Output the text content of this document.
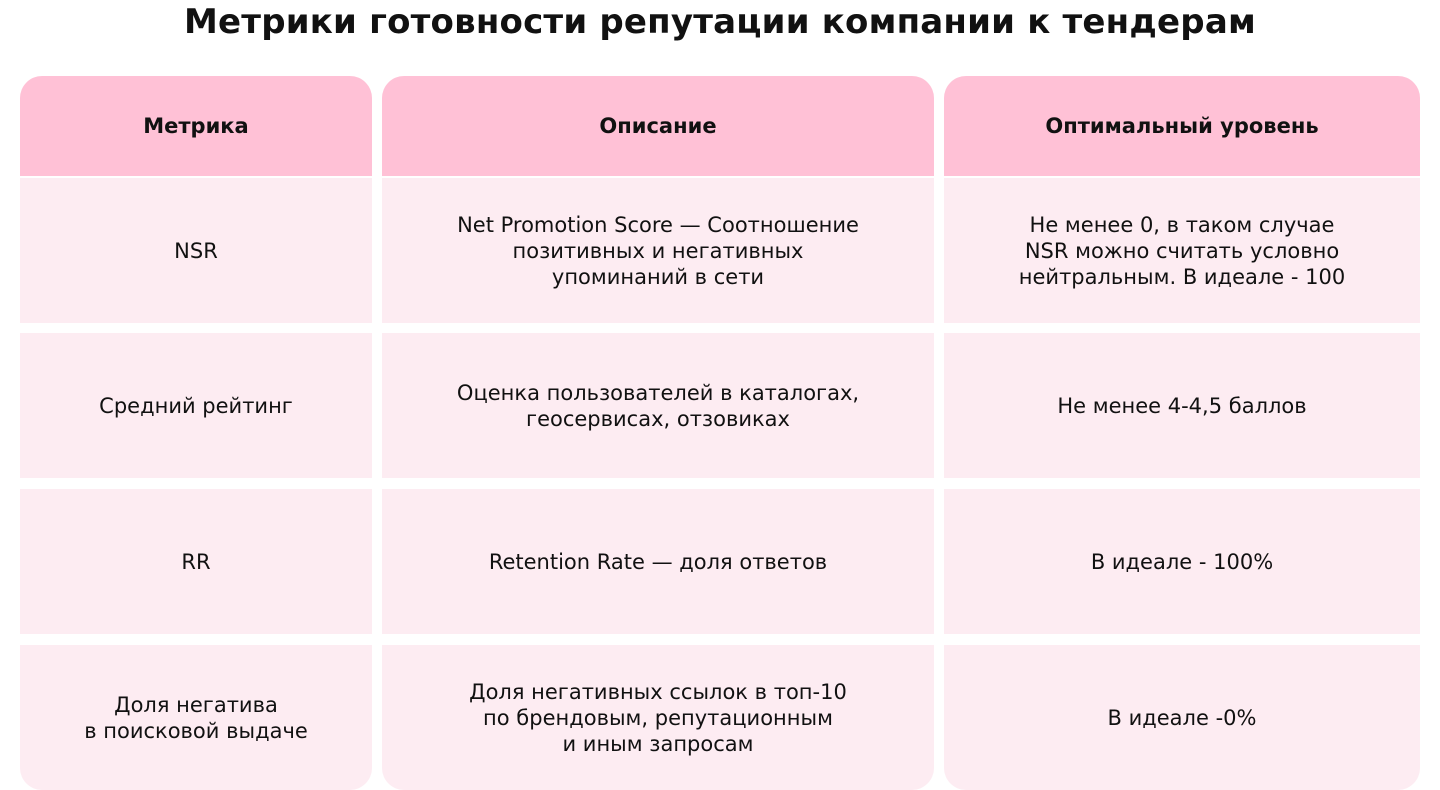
Метрики готовности репутации компании к тендерам
Метрика
NSR
Средний рейтинг
RR
Доля негатива
в поисковой выдаче
Описание
Net Promotion Score — Соотношение
позитивных и негативных
упоминаний в сети
Оценка пользователей в каталогах,
геосервисах, отзовиках
Retention Rate — доля ответов
Доля негативных ссылок в топ-10
по брендовым, репутационным
и иным запросам
Оптимальный уровень
Не менее 0, в таком случае
NSR можно считать условно
нейтральным. В идеале - 100
Не менее 4-4,5 баллов
В идеале - 100%
В идеале -0%
